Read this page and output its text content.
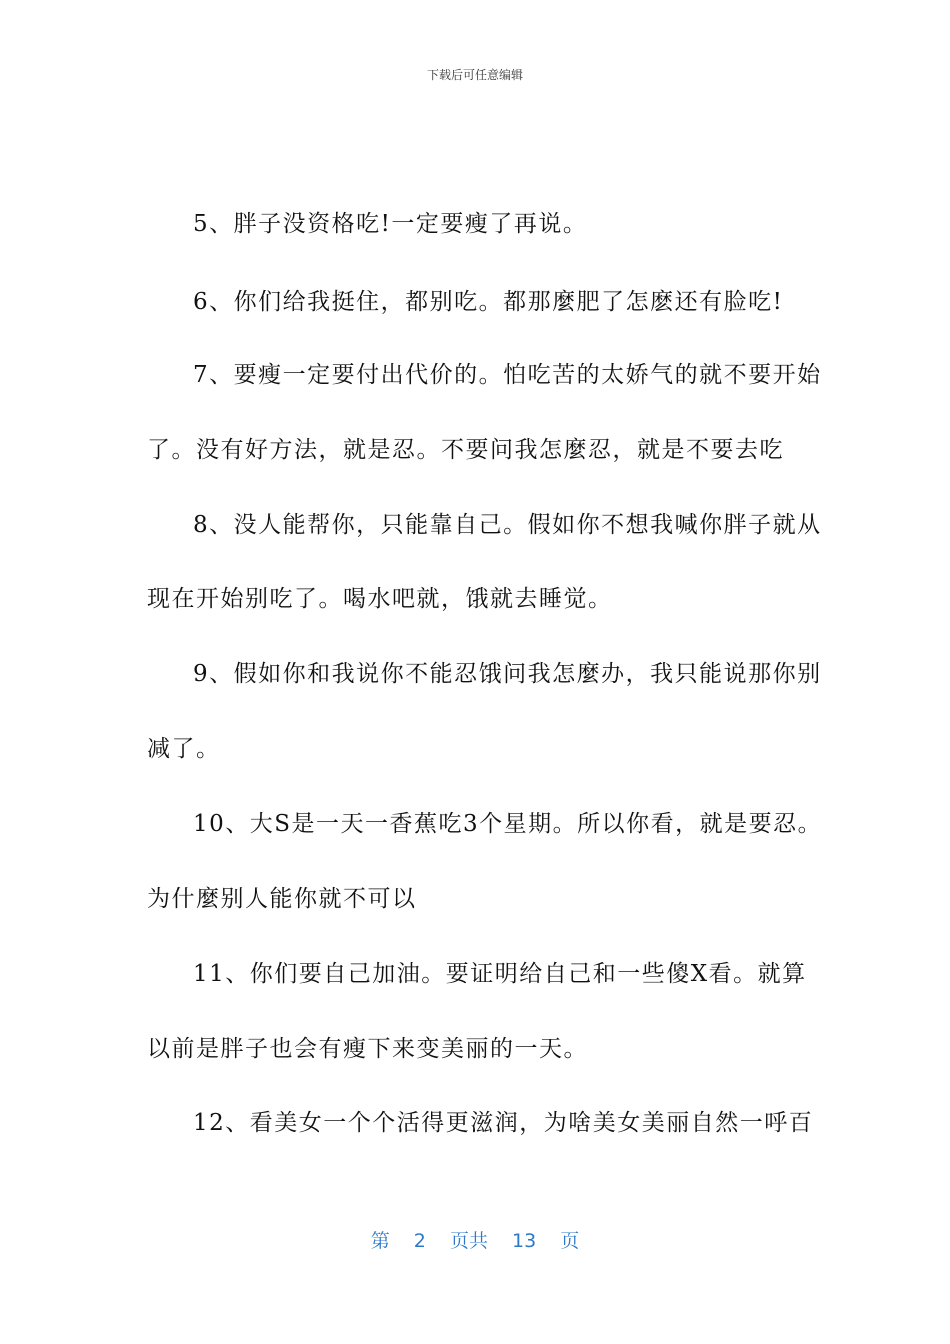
下载后可任意编辑
5、胖子没资格吃!一定要瘦了再说。
6、你们给我挺住，都别吃。都那麼肥了怎麽还有脸吃!
7、要瘦一定要付出代价的。怕吃苦的太娇气的就不要开始
了。没有好方法，就是忍。不要问我怎麼忍，就是不要去吃
8、没人能帮你，只能靠自己。假如你不想我喊你胖子就从
现在开始别吃了。喝水吧就，饿就去睡觉。
9、假如你和我说你不能忍饿问我怎麼办，我只能说那你别
减了。
10、大S是一天一香蕉吃3个星期。所以你看，就是要忍。
为什麼别人能你就不可以
11、你们要自己加油。要证明给自己和一些傻X看。就算
以前是胖子也会有瘦下来变美丽的一天。
12、看美女一个个活得更滋润，为啥美女美丽自然一呼百
第 2 页共 13 页
